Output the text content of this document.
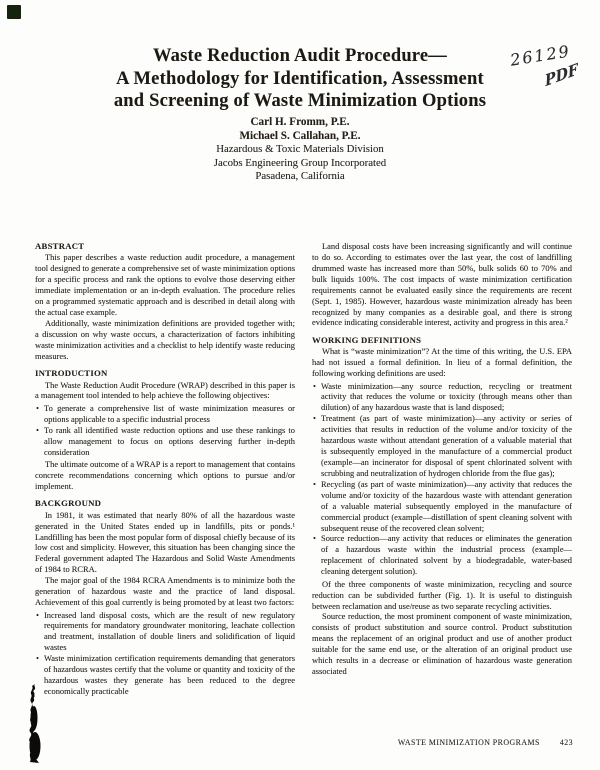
Waste Reduction Audit Procedure—
A Methodology for Identification, Assessment
and Screening of Waste Minimization Options
26129 PDF
Carl H. Fromm, P.E.
Michael S. Callahan, P.E.
Hazardous & Toxic Materials Division
Jacobs Engineering Group Incorporated
Pasadena, California
ABSTRACT

This paper describes a waste reduction audit procedure, a management tool designed to generate a comprehensive set of waste minimization options for a specific process and rank the options to evolve those deserving either immediate implementation or an in-depth evaluation. The procedure relies on a programmed systematic approach and is described in detail along with the actual case example.

Additionally, waste minimization definitions are provided together with; a discussion on why waste occurs, a characterization of factors inhibiting waste minimization activities and a checklist to help identify waste reducing measures.

INTRODUCTION

The Waste Reduction Audit Procedure (WRAP) described in this paper is a management tool intended to help achieve the following objectives:

• To generate a comprehensive list of waste minimization measures or options applicable to a specific industrial process
• To rank all identified waste reduction options and use these rankings to allow management to focus on options deserving further in-depth consideration

The ultimate outcome of a WRAP is a report to management that contains concrete recommendations concerning which options to pursue and/or implement.

BACKGROUND

In 1981, it was estimated that nearly 80% of all the hazardous waste generated in the United States ended up in landfills, pits or ponds.¹ Landfilling has been the most popular form of disposal chiefly because of its low cost and simplicity. However, this situation has been changing since the Federal government adapted The Hazardous and Solid Waste Amendments of 1984 to RCRA.

The major goal of the 1984 RCRA Amendments is to minimize both the generation of hazardous waste and the practice of land disposal. Achievement of this goal currently is being promoted by at least two factors:

• Increased land disposal costs, which are the result of new regulatory requirements for mandatory groundwater monitoring, leachate collection and treatment, installation of double liners and solidification of liquid wastes
• Waste minimization certification requirements demanding that generators of hazardous wastes certify that the volume or quantity and toxicity of the hazardous wastes they generate has been reduced to the degree economically practicable

Land disposal costs have been increasing significantly and will continue to do so. According to estimates over the last year, the cost of landfilling drummed waste has increased more than 50%, bulk solids 60 to 70% and bulk liquids 100%. The cost impacts of waste minimization certification requirements cannot be evaluated easily since the requirements are recent (Sept. 1, 1985). However, hazardous waste minimization already has been recognized by many companies as a desirable goal, and there is strong evidence indicating considerable interest, activity and progress in this area.²

WORKING DEFINITIONS

What is “waste minimization”? At the time of this writing, the U.S. EPA had not issued a formal definition. In lieu of a formal definition, the following working definitions are used:

• Waste minimization—any source reduction, recycling or treatment activity that reduces the volume or toxicity (through means other than dilution) of any hazardous waste that is land disposed;
• Treatment (as part of waste minimization)—any activity or series of activities that results in reduction of the volume and/or toxicity of the hazardous waste without attendant generation of a valuable material that is subsequently employed in the manufacture of a commercial product (example—an incinerator for disposal of spent chlorinated solvent with scrubbing and neutralization of hydrogen chloride from the flue gas);
• Recycling (as part of waste minimization)—any activity that reduces the volume and/or toxicity of the hazardous waste with attendant generation of a valuable material subsequently employed in the manufacture of commercial product (example—distillation of spent cleaning solvent with subsequent reuse of the recovered clean solvent;
• Source reduction—any activity that reduces or eliminates the generation of a hazardous waste within the industrial process (example—replacement of chlorinated solvent by a biodegradable, water-based cleaning detergent solution).

Of the three components of waste minimization, recycling and source reduction can be subdivided further (Fig. 1). It is useful to distinguish between reclamation and use/reuse as two separate recycling activities.

Source reduction, the most prominent component of waste minimization, consists of product substitution and source control. Product substitution means the replacement of an original product and use of another product suitable for the same end use, or the alteration of an original product use which results in a decrease or elimination of hazardous waste generation associated

WASTE MINIMIZATION PROGRAMS	423
